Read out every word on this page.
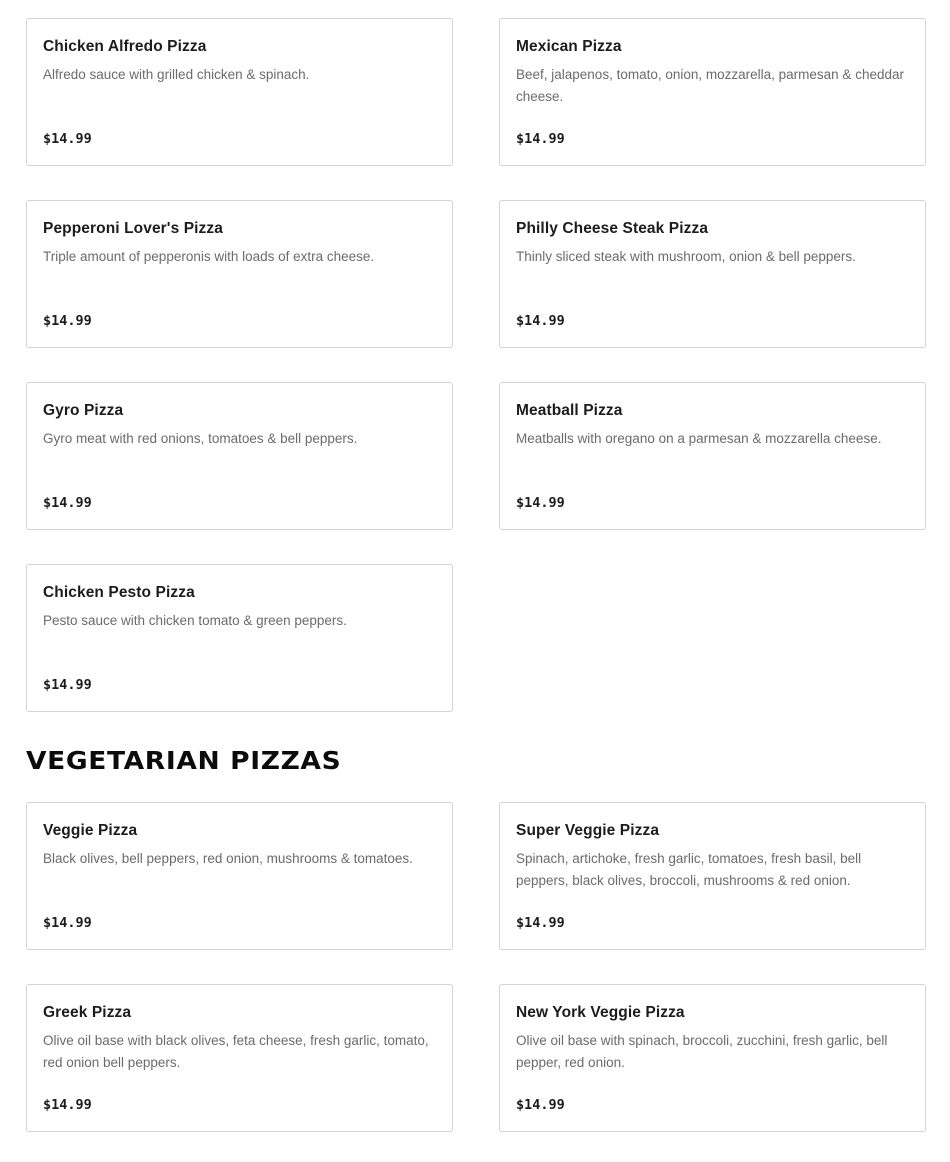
Chicken Alfredo Pizza
Alfredo sauce with grilled chicken & spinach.
$14.99
Mexican Pizza
Beef, jalapenos, tomato, onion, mozzarella, parmesan & cheddar cheese.
$14.99
Pepperoni Lover's Pizza
Triple amount of pepperonis with loads of extra cheese.
$14.99
Philly Cheese Steak Pizza
Thinly sliced steak with mushroom, onion & bell peppers.
$14.99
Gyro Pizza
Gyro meat with red onions, tomatoes & bell peppers.
$14.99
Meatball Pizza
Meatballs with oregano on a parmesan & mozzarella cheese.
$14.99
Chicken Pesto Pizza
Pesto sauce with chicken tomato & green peppers.
$14.99
VEGETARIAN PIZZAS
Veggie Pizza
Black olives, bell peppers, red onion, mushrooms & tomatoes.
$14.99
Super Veggie Pizza
Spinach, artichoke, fresh garlic, tomatoes, fresh basil, bell peppers, black olives, broccoli, mushrooms & red onion.
$14.99
Greek Pizza
Olive oil base with black olives, feta cheese, fresh garlic, tomato, red onion bell peppers.
$14.99
New York Veggie Pizza
Olive oil base with spinach, broccoli, zucchini, fresh garlic, bell pepper, red onion.
$14.99
